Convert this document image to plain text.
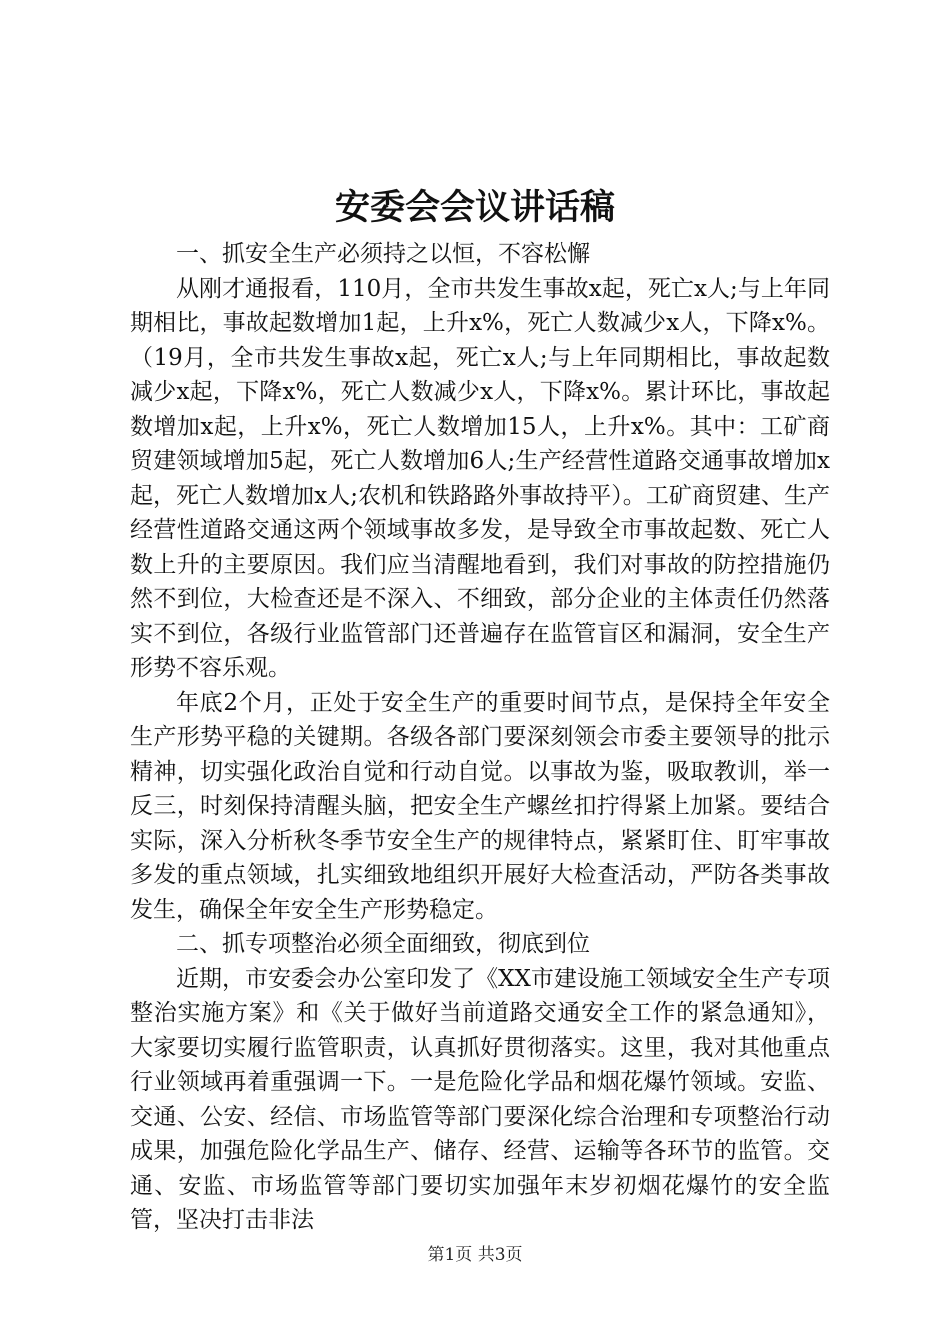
安委会会议讲话稿

一、抓安全生产必须持之以恒，不容松懈

从刚才通报看，110月，全市共发生事故x起，死亡x人;与上年同期相比，事故起数增加1起，上升x%，死亡人数减少x人，下降x%。（19月，全市共发生事故x起，死亡x人;与上年同期相比，事故起数减少x起，下降x%，死亡人数减少x人，下降x%。累计环比，事故起数增加x起，上升x%，死亡人数增加15人，上升x%。其中：工矿商贸建领域增加5起，死亡人数增加6人;生产经营性道路交通事故增加x起，死亡人数增加x人;农机和铁路路外事故持平）。工矿商贸建、生产经营性道路交通这两个领域事故多发，是导致全市事故起数、死亡人数上升的主要原因。我们应当清醒地看到，我们对事故的防控措施仍然不到位，大检查还是不深入、不细致，部分企业的主体责任仍然落实不到位，各级行业监管部门还普遍存在监管盲区和漏洞，安全生产形势不容乐观。

年底2个月，正处于安全生产的重要时间节点，是保持全年安全生产形势平稳的关键期。各级各部门要深刻领会市委主要领导的批示精神，切实强化政治自觉和行动自觉。以事故为鉴，吸取教训，举一反三，时刻保持清醒头脑，把安全生产螺丝扣拧得紧上加紧。要结合实际，深入分析秋冬季节安全生产的规律特点，紧紧盯住、盯牢事故多发的重点领域，扎实细致地组织开展好大检查活动，严防各类事故发生，确保全年安全生产形势稳定。

二、抓专项整治必须全面细致，彻底到位

近期，市安委会办公室印发了《XX市建设施工领域安全生产专项整治实施方案》和《关于做好当前道路交通安全工作的紧急通知》，大家要切实履行监管职责，认真抓好贯彻落实。这里，我对其他重点行业领域再着重强调一下。一是危险化学品和烟花爆竹领域。安监、交通、公安、经信、市场监管等部门要深化综合治理和专项整治行动成果，加强危险化学品生产、储存、经营、运输等各环节的监管。交通、安监、市场监管等部门要切实加强年末岁初烟花爆竹的安全监管，坚决打击非法

第1页 共3页
